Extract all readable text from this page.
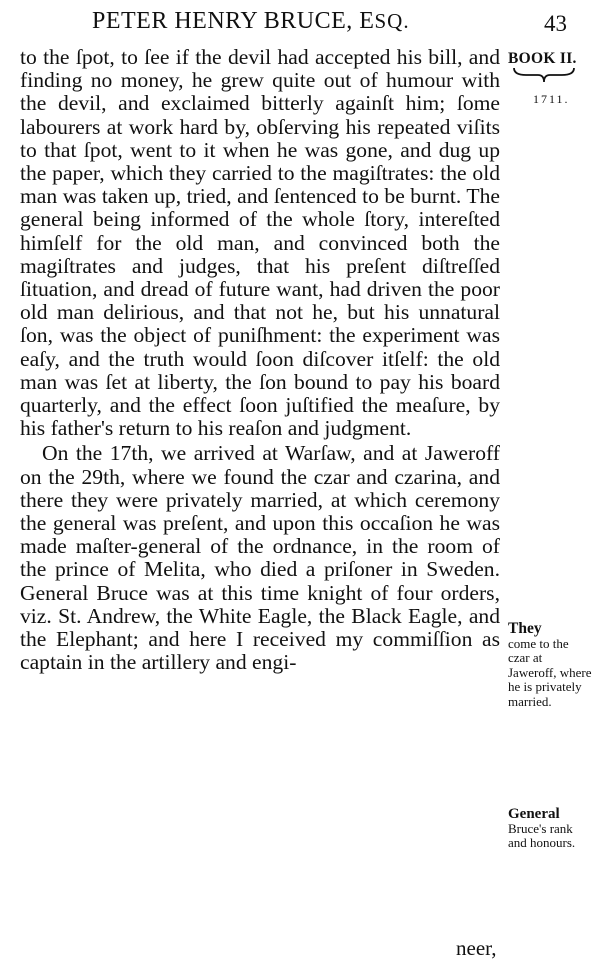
PETER HENRY BRUCE, ESQ.	43
BOOK II.
1711.

to the ſpot, to ſee if the devil had accepted his bill, and finding no money, he grew quite out of humour with the devil, and exclaimed bitterly againſt him; ſome labourers at work hard by, obſerving his repeated viſits to that ſpot, went to it when he was gone, and dug up the paper, which they carried to the magiſtrates: the old man was taken up, tried, and ſentenced to be burnt. The general being informed of the whole ſtory, intereſted himſelf for the old man, and convinced both the magiſtrates and judges, that his preſent diſtreſſed ſituation, and dread of future want, had driven the poor old man delirious, and that not he, but his unnatural ſon, was the object of puniſhment: the experiment was eaſy, and the truth would ſoon diſcover itſelf: the old man was ſet at liberty, the ſon bound to pay his board quarterly, and the effect ſoon juſtified the meaſure, by his father's return to his reaſon and judgment.

On the 17th, we arrived at Warſaw, and at Jaweroff on the 29th, where we found the czar and czarina, and there they were privately married, at which ceremony the general was preſent, and upon this occaſion he was made maſter-general of the ordnance, in the room of the prince of Melita, who died a priſoner in Sweden. General Bruce was at this time knight of four orders, viz. St. Andrew, the White Eagle, the Black Eagle, and the Elephant; and here I received my commiſſion as captain in the artillery and engi-

They
come to the czar at Jaweroff, where he is privately married.
General
Bruce's rank and honours.
neer,
